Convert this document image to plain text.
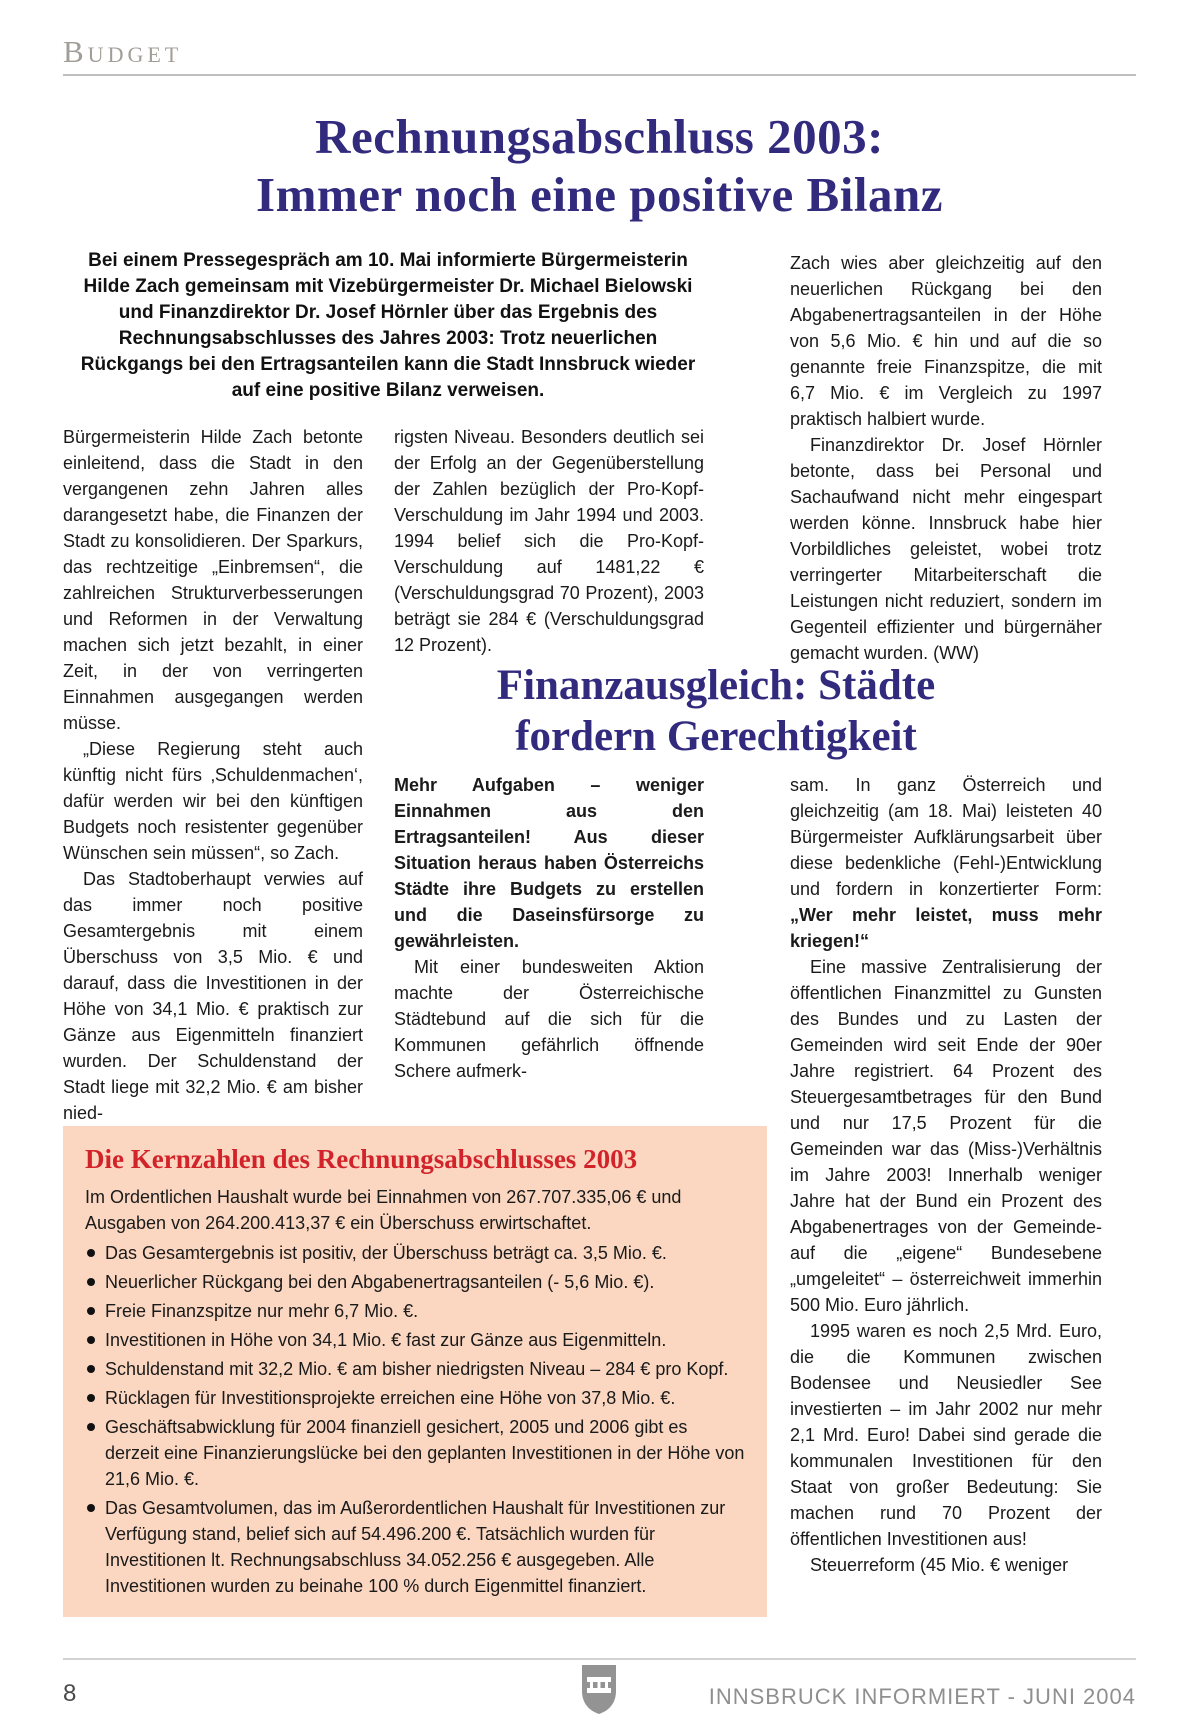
Budget
Rechnungsabschluss 2003:
Immer noch eine positive Bilanz
Bei einem Pressegespräch am 10. Mai informierte Bürgermeisterin Hilde Zach gemeinsam mit Vizebürgermeister Dr. Michael Bielowski und Finanzdirektor Dr. Josef Hörnler über das Ergebnis des Rechnungsabschlusses des Jahres 2003: Trotz neuerlichen Rückgangs bei den Ertragsanteilen kann die Stadt Innsbruck wieder auf eine positive Bilanz verweisen.

Zach wies aber gleichzeitig auf den neuerlichen Rückgang bei den Abgabenertragsanteilen in der Höhe von 5,6 Mio. € hin und auf die so genannte freie Finanzspitze, die mit 6,7 Mio. € im Vergleich zu 1997 praktisch halbiert wurde.

Finanzdirektor Dr. Josef Hörnler betonte, dass bei Personal und Sachaufwand nicht mehr eingespart werden könne. Innsbruck habe hier Vorbildliches geleistet, wobei trotz verringerter Mitarbeiterschaft die Leistungen nicht reduziert, sondern im Gegenteil effizienter und bürgernäher gemacht wurden. (WW)

Bürgermeisterin Hilde Zach betonte einleitend, dass die Stadt in den vergangenen zehn Jahren alles darangesetzt habe, die Finanzen der Stadt zu konsolidieren. Der Sparkurs, das rechtzeitige „Einbremsen“, die zahlreichen Strukturverbesserungen und Reformen in der Verwaltung machen sich jetzt bezahlt, in einer Zeit, in der von verringerten Einnahmen ausgegangen werden müsse.

„Diese Regierung steht auch künftig nicht fürs ‚Schuldenmachen‘, dafür werden wir bei den künftigen Budgets noch resistenter gegenüber Wünschen sein müssen“, so Zach.

Das Stadtoberhaupt verwies auf das immer noch positive Gesamtergebnis mit einem Überschuss von 3,5 Mio. € und darauf, dass die Investitionen in der Höhe von 34,1 Mio. € praktisch zur Gänze aus Eigenmitteln finanziert wurden. Der Schuldenstand der Stadt liege mit 32,2 Mio. € am bisher nied-

rigsten Niveau. Besonders deutlich sei der Erfolg an der Gegenüberstellung der Zahlen bezüglich der Pro-Kopf-Verschuldung im Jahr 1994 und 2003. 1994 belief sich die Pro-Kopf-Verschuldung auf 1481,22 € (Verschuldungsgrad 70 Prozent), 2003 beträgt sie 284 € (Verschuldungsgrad 12 Prozent).

Finanzausgleich: Städte
fordern Gerechtigkeit

Mehr Aufgaben – weniger Einnahmen aus den Ertragsanteilen! Aus dieser Situation heraus haben Österreichs Städte ihre Budgets zu erstellen und die Daseinsfürsorge zu gewährleisten.

Mit einer bundesweiten Aktion machte der Österreichische Städtebund auf die sich für die Kommunen gefährlich öffnende Schere aufmerk-

sam. In ganz Österreich und gleichzeitig (am 18. Mai) leisteten 40 Bürgermeister Aufklärungsarbeit über diese bedenkliche (Fehl-)Entwicklung und fordern in konzertierter Form: „Wer mehr leistet, muss mehr kriegen!“

Eine massive Zentralisierung der öffentlichen Finanzmittel zu Gunsten des Bundes und zu Lasten der Gemeinden wird seit Ende der 90er Jahre registriert. 64 Prozent des Steuergesamtbetrages für den Bund und nur 17,5 Prozent für die Gemeinden war das (Miss-)Verhältnis im Jahre 2003! Innerhalb weniger Jahre hat der Bund ein Prozent des Abgabenertrages von der Gemeinde- auf die „eigene“ Bundesebene „umgeleitet“ – österreichweit immerhin 500 Mio. Euro jährlich.

1995 waren es noch 2,5 Mrd. Euro, die die Kommunen zwischen Bodensee und Neusiedler See investierten – im Jahr 2002 nur mehr 2,1 Mrd. Euro! Dabei sind gerade die kommunalen Investitionen für den Staat von großer Bedeutung: Sie machen rund 70 Prozent der öffentlichen Investitionen aus!

Steuerreform (45 Mio. € weniger

Die Kernzahlen des Rechnungsabschlusses 2003

Im Ordentlichen Haushalt wurde bei Einnahmen von 267.707.335,06 € und Ausgaben von 264.200.413,37 € ein Überschuss erwirtschaftet.

Das Gesamtergebnis ist positiv, der Überschuss beträgt ca. 3,5 Mio. €.
Neuerlicher Rückgang bei den Abgabenertragsanteilen (- 5,6 Mio. €).
Freie Finanzspitze nur mehr 6,7 Mio. €.
Investitionen in Höhe von 34,1 Mio. € fast zur Gänze aus Eigenmitteln.
Schuldenstand mit 32,2 Mio. € am bisher niedrigsten Niveau – 284 € pro Kopf.
Rücklagen für Investitionsprojekte erreichen eine Höhe von 37,8 Mio. €.
Geschäftsabwicklung für 2004 finanziell gesichert, 2005 und 2006 gibt es derzeit eine Finanzierungslücke bei den geplanten Investitionen in der Höhe von 21,6 Mio. €.
Das Gesamtvolumen, das im Außerordentlichen Haushalt für Investitionen zur Verfügung stand, belief sich auf 54.496.200 €. Tatsächlich wurden für Investitionen lt. Rechnungsabschluss 34.052.256 € ausgegeben. Alle Investitionen wurden zu beinahe 100 % durch Eigenmittel finanziert.
8	INNSBRUCK INFORMIERT - JUNI 2004
